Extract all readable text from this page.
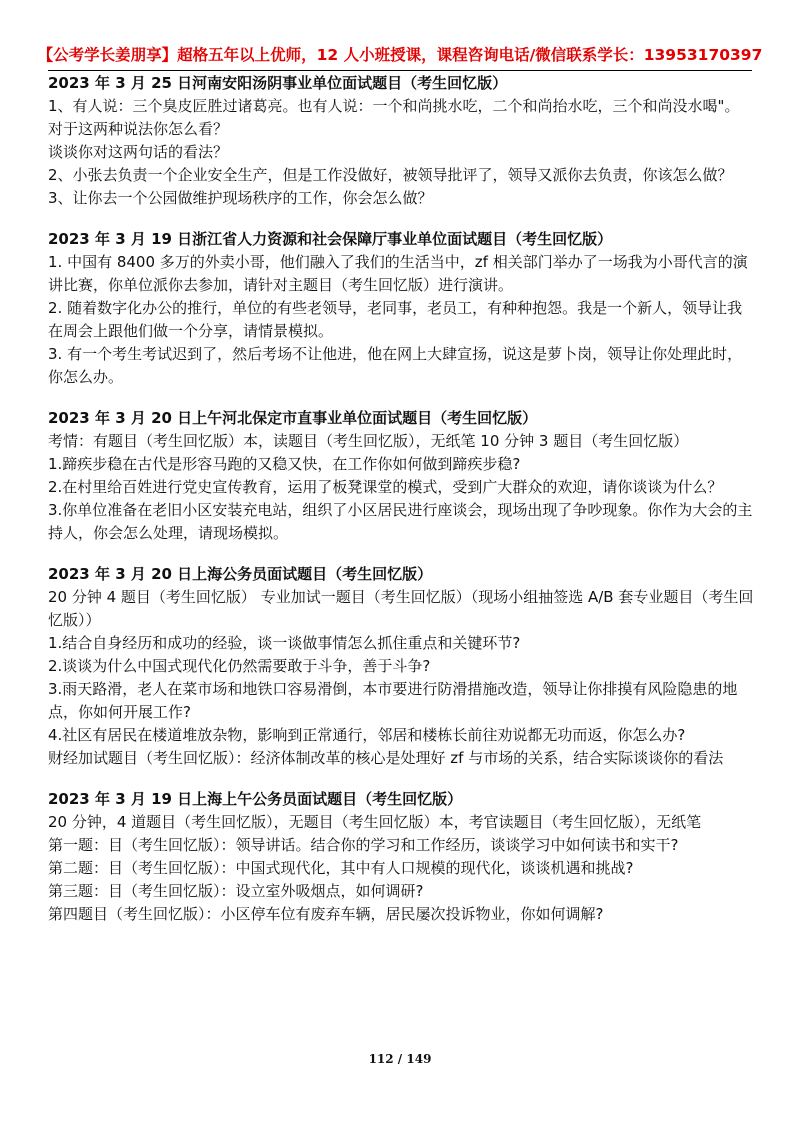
【公考学长姜朋享】超格五年以上优师，12 人小班授课，课程咨询电话/微信联系学长：13953170397

2023 年 3 月 25 日河南安阳汤阴事业单位面试题目（考生回忆版）

1、有人说：三个臭皮匠胜过诸葛亮。也有人说：一个和尚挑水吃，二个和尚抬水吃，三个和尚没水喝"。对于这两种说法你怎么看？

谈谈你对这两句话的看法？

2、小张去负责一个企业安全生产，但是工作没做好，被领导批评了，领导又派你去负责，你该怎么做？

3、让你去一个公园做维护现场秩序的工作，你会怎么做？

2023 年 3 月 19 日浙江省人力资源和社会保障厅事业单位面试题目（考生回忆版）

1. 中国有 8400 多万的外卖小哥，他们融入了我们的生活当中，zf 相关部门举办了一场我为小哥代言的演讲比赛，你单位派你去参加，请针对主题目（考生回忆版）进行演讲。

2. 随着数字化办公的推行，单位的有些老领导，老同事，老员工，有种种抱怨。我是一个新人，领导让我在周会上跟他们做一个分享，请情景模拟。

3. 有一个考生考试迟到了，然后考场不让他进，他在网上大肆宣扬，说这是萝卜岗，领导让你处理此时，你怎么办。

2023 年 3 月 20 日上午河北保定市直事业单位面试题目（考生回忆版）

考情：有题目（考生回忆版）本，读题目（考生回忆版），无纸笔 10 分钟 3 题目（考生回忆版）

1.蹄疾步稳在古代是形容马跑的又稳又快，在工作你如何做到蹄疾步稳?

2.在村里给百姓进行党史宣传教育，运用了板凳课堂的模式，受到广大群众的欢迎，请你谈谈为什么？

3.你单位准备在老旧小区安装充电站，组织了小区居民进行座谈会，现场出现了争吵现象。你作为大会的主持人，你会怎么处理，请现场模拟。

2023 年 3 月 20 日上海公务员面试题目（考生回忆版）

20 分钟 4 题目（考生回忆版） 专业加试一题目（考生回忆版）（现场小组抽签选 A/B 套专业题目（考生回忆版））

1.结合自身经历和成功的经验，谈一谈做事情怎么抓住重点和关键环节?

2.谈谈为什么中国式现代化仍然需要敢于斗争，善于斗争?

3.雨天路滑，老人在菜市场和地铁口容易滑倒，本市要进行防滑措施改造，领导让你排摸有风险隐患的地点，你如何开展工作?

4.社区有居民在楼道堆放杂物，影响到正常通行，邻居和楼栋长前往劝说都无功而返，你怎么办?

财经加试题目（考生回忆版）：经济体制改革的核心是处理好 zf 与市场的关系，结合实际谈谈你的看法

2023 年 3 月 19 日上海上午公务员面试题目（考生回忆版）

20 分钟，4 道题目（考生回忆版），无题目（考生回忆版）本，考官读题目（考生回忆版），无纸笔

第一题：目（考生回忆版）：领导讲话。结合你的学习和工作经历，谈谈学习中如何读书和实干?

第二题：目（考生回忆版）：中国式现代化，其中有人口规模的现代化，谈谈机遇和挑战?

第三题：目（考生回忆版）：设立室外吸烟点，如何调研?

第四题目（考生回忆版）：小区停车位有废弃车辆，居民屡次投诉物业，你如何调解?

112 / 149
